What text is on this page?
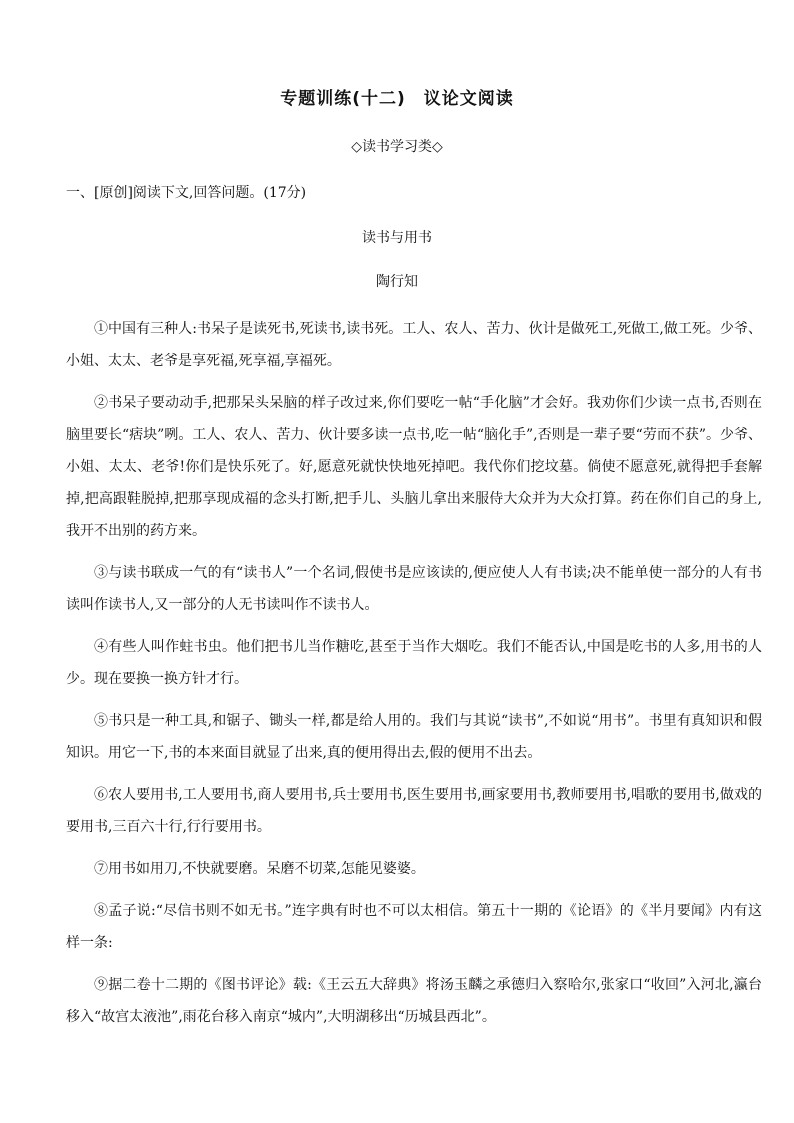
专题训练(十二)　议论文阅读
◇读书学习类◇
一、[原创]阅读下文,回答问题。(17分)
读书与用书
陶行知

①中国有三种人:书呆子是读死书,死读书,读书死。工人、农人、苦力、伙计是做死工,死做工,做工死。少爷、小姐、太太、老爷是享死福,死享福,享福死。

②书呆子要动动手,把那呆头呆脑的样子改过来,你们要吃一帖“手化脑”才会好。我劝你们少读一点书,否则在脑里要长“痞块”咧。工人、农人、苦力、伙计要多读一点书,吃一帖“脑化手”,否则是一辈子要“劳而不获”。少爷、小姐、太太、老爷!你们是快乐死了。好,愿意死就快快地死掉吧。我代你们挖坟墓。倘使不愿意死,就得把手套解掉,把高跟鞋脱掉,把那享现成福的念头打断,把手儿、头脑儿拿出来服侍大众并为大众打算。药在你们自己的身上,我开不出别的药方来。

③与读书联成一气的有“读书人”一个名词,假使书是应该读的,便应使人人有书读;决不能单使一部分的人有书读叫作读书人,又一部分的人无书读叫作不读书人。

④有些人叫作蛀书虫。他们把书儿当作糖吃,甚至于当作大烟吃。我们不能否认,中国是吃书的人多,用书的人少。现在要换一换方针才行。

⑤书只是一种工具,和锯子、锄头一样,都是给人用的。我们与其说“读书”,不如说“用书”。书里有真知识和假知识。用它一下,书的本来面目就显了出来,真的便用得出去,假的便用不出去。

⑥农人要用书,工人要用书,商人要用书,兵士要用书,医生要用书,画家要用书,教师要用书,唱歌的要用书,做戏的要用书,三百六十行,行行要用书。

⑦用书如用刀,不快就要磨。呆磨不切菜,怎能见婆婆。

⑧孟子说:“尽信书则不如无书。”连字典有时也不可以太相信。第五十一期的《论语》的《半月要闻》内有这样一条:

⑨据二卷十二期的《图书评论》载:《王云五大辞典》将汤玉麟之承德归入察哈尔,张家口“收回”入河北,瀛台移入“故宫太液池”,雨花台移入南京“城内”,大明湖移出“历城县西北”。
